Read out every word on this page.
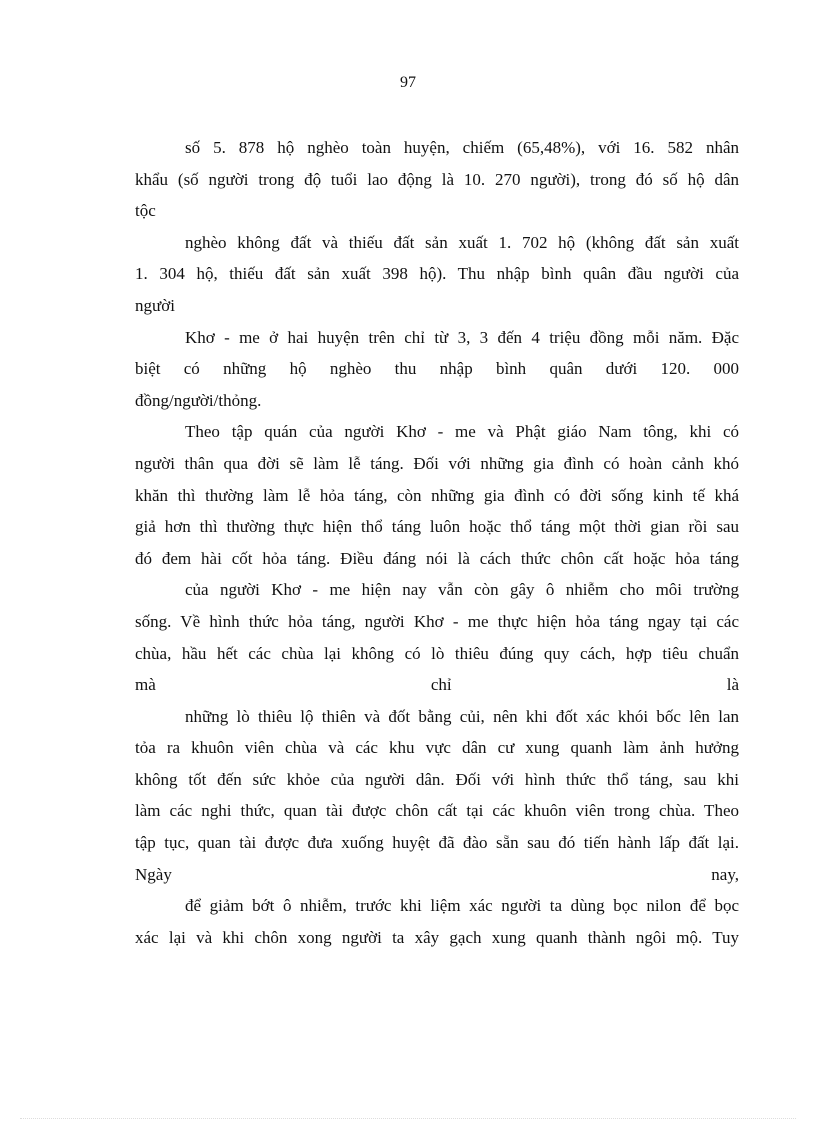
97
số 5. 878 hộ nghèo toàn huyện, chiếm (65,48%), với 16. 582 nhân
khẩu (số người trong độ tuổi lao động là 10. 270 người), trong đó số hộ dân
tộc
nghèo không đất và thiếu đất sản xuất 1. 702 hộ (không đất sản xuất
1. 304 hộ, thiếu đất sản xuất 398 hộ). Thu nhập bình quân đầu người của
người
Khơ - me ở hai huyện trên chỉ từ 3, 3 đến 4 triệu đồng mỗi năm. Đặc
biệt có những hộ nghèo thu nhập bình quân dưới 120. 000
đồng/người/thỏng.
Theo tập quán của người Khơ - me và Phật giáo Nam tông, khi có
người thân qua đời sẽ làm lễ táng. Đối với những gia đình có hoàn cảnh khó
khăn thì thường làm lễ hỏa táng, còn những gia đình có đời sống kinh tế khá
giả hơn thì thường thực hiện thổ táng luôn hoặc thổ táng một thời gian rồi sau
đó đem hài cốt hỏa táng. Điều đáng nói là cách thức chôn cất hoặc hỏa táng
của người Khơ - me hiện nay vẫn còn gây ô nhiễm cho môi trường
sống. Về hình thức hỏa táng, người Khơ - me thực hiện hỏa táng ngay tại các
chùa, hầu hết các chùa lại không có lò thiêu đúng quy cách, hợp tiêu chuẩn
mà chỉ là
những lò thiêu lộ thiên và đốt bằng củi, nên khi đốt xác khói bốc lên lan
tỏa ra khuôn viên chùa và các khu vực dân cư xung quanh làm ảnh hưởng
không tốt đến sức khỏe của người dân. Đối với hình thức thổ táng, sau khi
làm các nghi thức, quan tài được chôn cất tại các khuôn viên trong chùa. Theo
tập tục, quan tài được đưa xuống huyệt đã đào sẵn sau đó tiến hành lấp đất lại.
Ngày nay,
để giảm bớt ô nhiễm, trước khi liệm xác người ta dùng bọc nilon để bọc
xác lại và khi chôn xong người ta xây gạch xung quanh thành ngôi mộ. Tuy
